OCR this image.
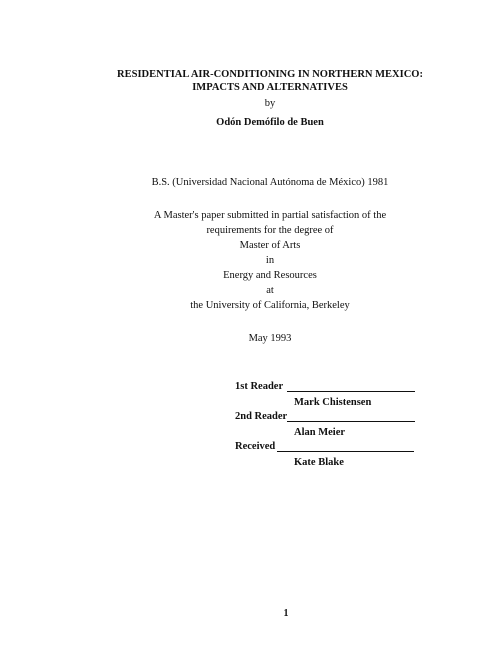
RESIDENTIAL AIR-CONDITIONING IN NORTHERN MEXICO:
IMPACTS AND ALTERNATIVES
by
Odón Demófilo de Buen
B.S. (Universidad Nacional Autónoma de México) 1981
A Master's paper submitted in partial satisfaction of the
requirements for the degree of
Master of Arts
in
Energy and Resources
at
the University of California, Berkeley
May 1993
1st Reader
Mark Chistensen
2nd Reader
Alan Meier
Received
Kate Blake
1
